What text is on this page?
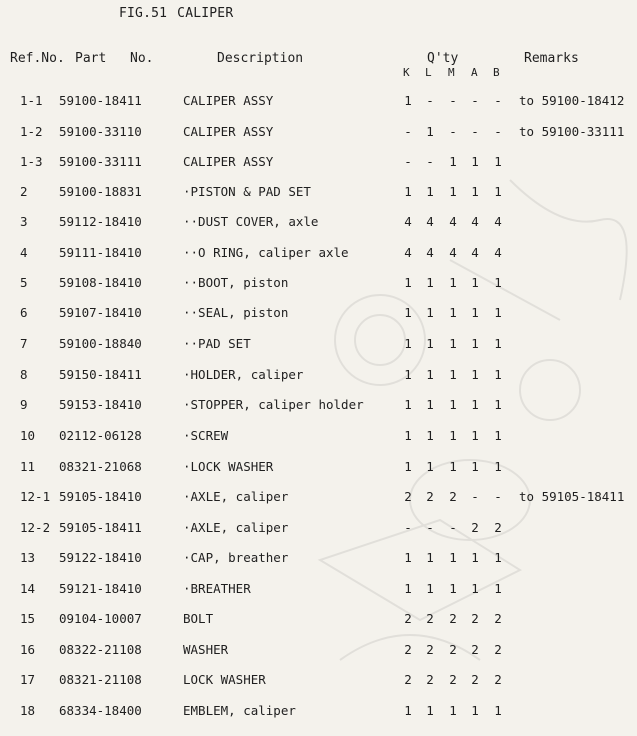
FIG.51 CALIPER
Ref.No. Part No.	Description	Q'ty	Remarks
K L M A B
1-1 59100-18411	CALIPER ASSY	1 - - - - to 59100-18412
1-2 59100-33110	CALIPER ASSY	- 1 - - - to 59100-33111
1-3 59100-33111	CALIPER ASSY	- - 1 1 1
2	59100-18831	·PISTON & PAD SET	1 1 1 1 1
3	59112-18410	··DUST COVER, axle	4 4 4 4 4
4	59111-18410	··O RING, caliper axle	4 4 4 4 4
5	59108-18410	··BOOT, piston	1 1 1 1 1
6	59107-18410	··SEAL, piston	1 1 1 1 1
7	59100-18840	··PAD SET	1 1 1 1 1
8	59150-18411	·HOLDER, caliper	1 1 1 1 1
9	59153-18410	·STOPPER, caliper holder	1 1 1 1 1
10 02112-06128	·SCREW	1 1 1 1 1
11 08321-21068	·LOCK WASHER	1 1 1 1 1
12-1 59105-18410	·AXLE, caliper	2 2 2 - - to 59105-18411
12-2 59105-18411	·AXLE, caliper	- - - 2 2
13 59122-18410	·CAP, breather	1 1 1 1 1
14 59121-18410	·BREATHER	1 1 1 1 1
15 09104-10007	BOLT	2 2 2 2 2
16 08322-21108	WASHER	2 2 2 2 2
17 08321-21108	LOCK WASHER	2 2 2 2 2
18 68334-18400	EMBLEM, caliper	1 1 1 1 1
